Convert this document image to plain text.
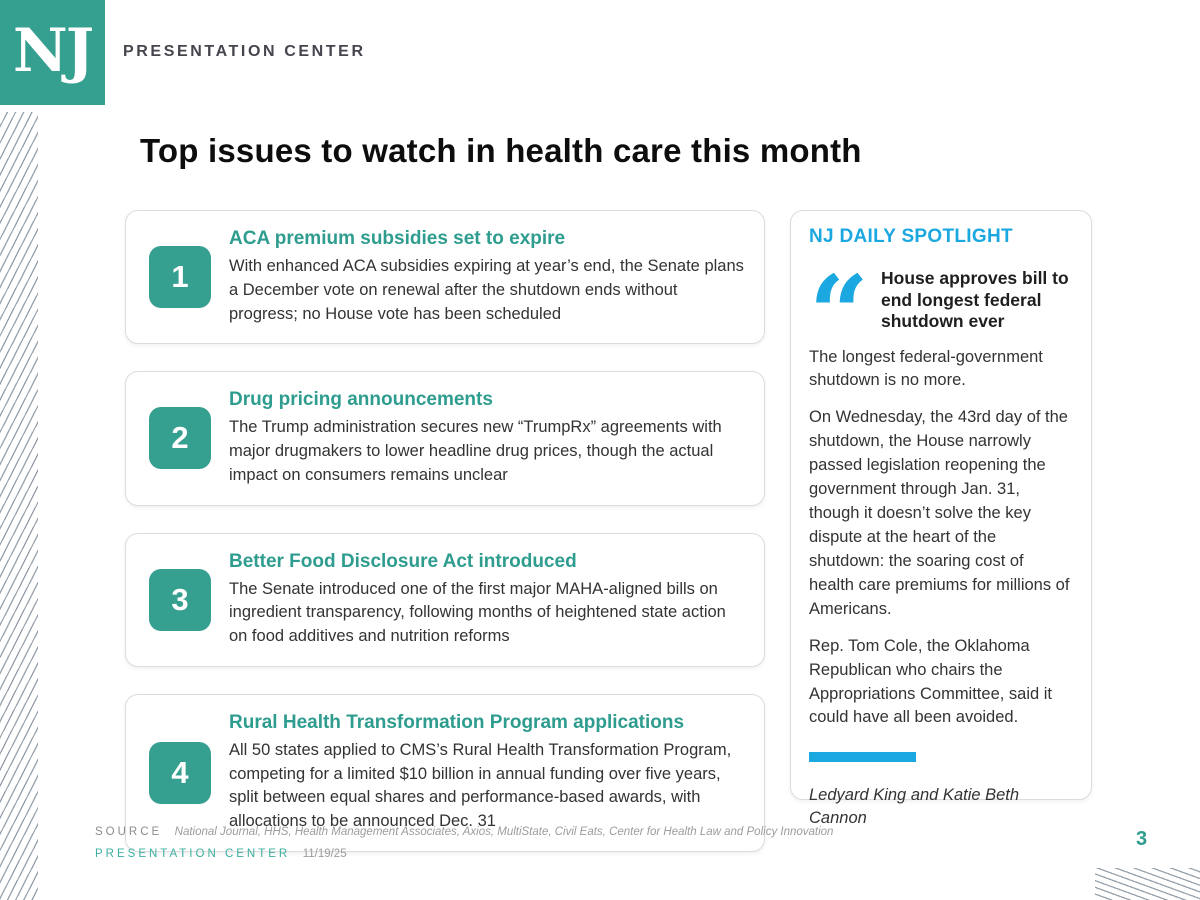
NJ PRESENTATION CENTER
Top issues to watch in health care this month
1

ACA premium subsidies set to expire

With enhanced ACA subsidies expiring at year’s end, the Senate plans a December vote on renewal after the shutdown ends without progress; no House vote has been scheduled

2

Drug pricing announcements

The Trump administration secures new “TrumpRx” agreements with major drugmakers to lower headline drug prices, though the actual impact on consumers remains unclear

3

Better Food Disclosure Act introduced

The Senate introduced one of the first major MAHA-aligned bills on ingredient transparency, following months of heightened state action on food additives and nutrition reforms

4

Rural Health Transformation Program applications

All 50 states applied to CMS’s Rural Health Transformation Program, competing for a limited $10 billion in annual funding over five years, split between equal shares and performance-based awards, with allocations to be announced Dec. 31

NJ DAILY SPOTLIGHT
“ House approves bill to end longest federal shutdown ever

The longest federal-government shutdown is no more.

On Wednesday, the 43rd day of the shutdown, the House narrowly passed legislation reopening the government through Jan. 31, though it doesn’t solve the key dispute at the heart of the shutdown: the soaring cost of health care premiums for millions of Americans.

Rep. Tom Cole, the Oklahoma Republican who chairs the Appropriations Committee, said it could have all been avoided.

Ledyard King and Katie Beth Cannon
SOURCE National Journal, HHS, Health Management Associates, Axios, MultiState, Civil Eats, Center for Health Law and Policy Innovation
PRESENTATION CENTER 11/19/25
3
